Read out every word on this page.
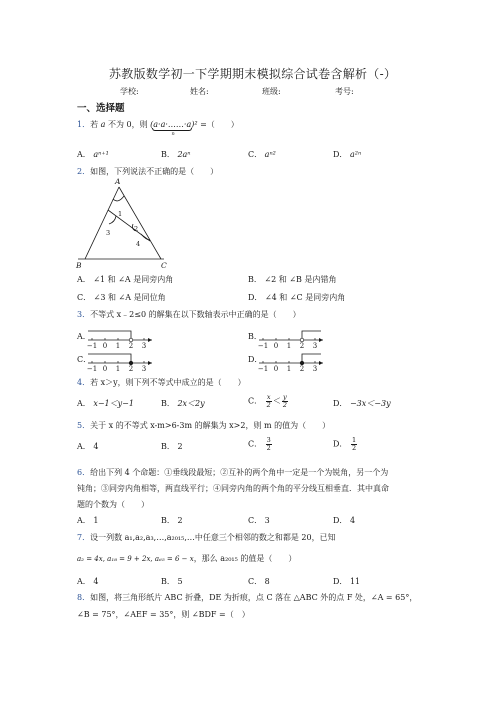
苏教版数学初一下学期期末模拟综合试卷含解析（-）
学校:	姓名:	班级:	考号:
一、选择题
1．若 a 不为 0，则 (a·a·……·a)²
n
=（　　）
A． aⁿ⁺¹	B． 2aⁿ	C． aⁿ²	D． a²ⁿ
2．如图，下列说法不正确的是（　　）
A
B	C
1
2
3
4
A． ∠1 和 ∠A 是同旁内角	B． ∠2 和 ∠B 是内错角
C． ∠3 和 ∠A 是同位角	D． ∠4 和 ∠C 是同旁内角
3．不等式 x﹣2≤0 的解集在以下数轴表示中正确的是（　　）
A．	B．
C．	D．
−1 0 1 2 3	−1 0 1 2 3
−1 0 1 2 3	−1 0 1 2 3
4．若 x＞y，则下列不等式中成立的是（　　）
A． x−1＜y−1	B． 2x＜2y	C． $\frac{x}{2} < \frac{y}{2}$	D． −3x＜−3y
5．关于 x 的不等式 x-m>6-3m 的解集为 x>2，则 m 的值为（　　）
A． 4	B． 2	C． $\frac{3}{2}$	D． $\frac{1}{2}$
6．给出下列 4 个命题：①垂线段最短；②互补的两个角中一定是一个为锐角，另一个为
钝角；③同旁内角相等，两直线平行；④同旁内角的两个角的平分线互相垂直．其中真命
题的个数为（　　）
A． 1	B． 2	C． 3	D． 4
7．设一列数 a₁,a₂,a₃,…,a₂₀₁₅,…中任意三个相邻的数之和都是 20，已知
a₂ = 4x, a₁₈ = 9 + 2x, a₆₅ = 6 − x，那么 a₂₀₁₅ 的值是（　　）
A． 4	B． 5	C． 8	D． 11
8．如图，将三角形纸片 ABC 折叠，DE 为折痕，点 C 落在 △ABC 外的点 F 处，∠A = 65°，
∠B = 75°，∠AEF = 35°，则 ∠BDF =（　）
